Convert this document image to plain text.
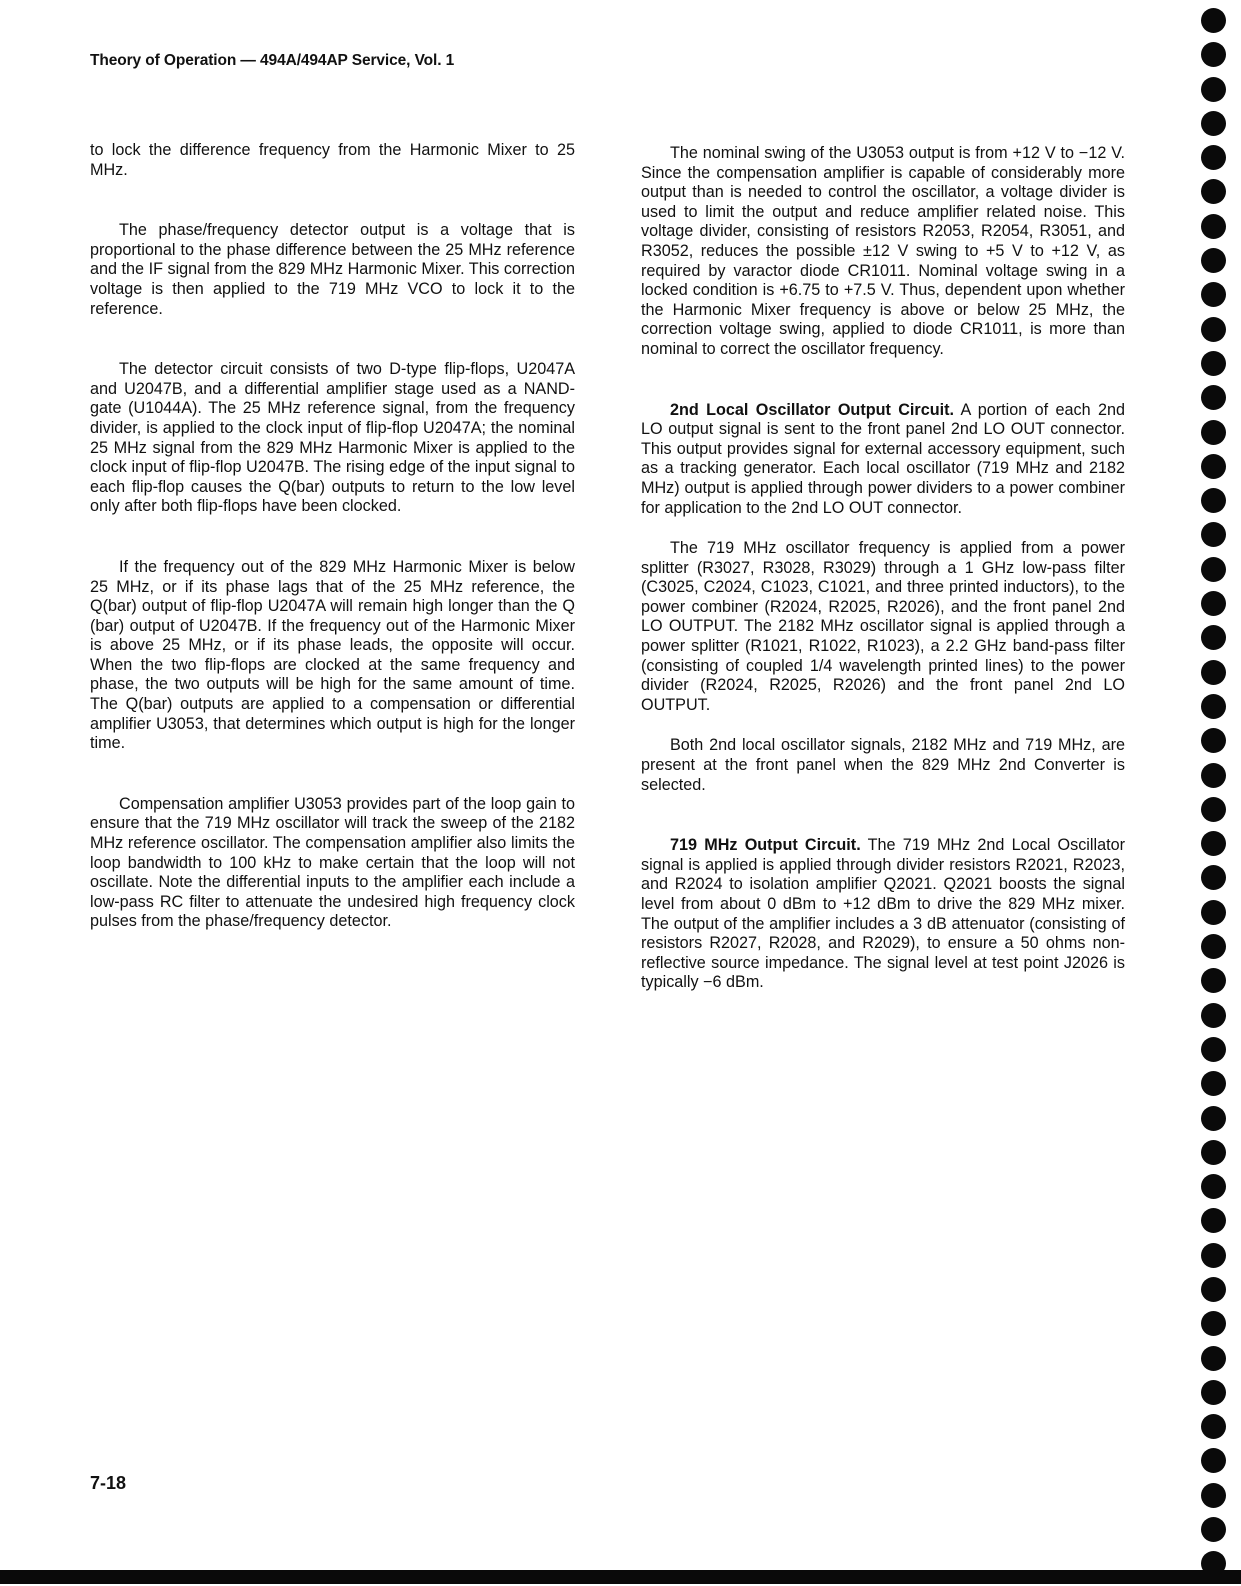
Theory of Operation — 494A/494AP Service, Vol. 1

to lock the difference frequency from the Harmonic Mixer to 25 MHz.

The phase/frequency detector output is a voltage that is proportional to the phase difference between the 25 MHz reference and the IF signal from the 829 MHz Harmonic Mixer. This correction voltage is then applied to the 719 MHz VCO to lock it to the reference.

The detector circuit consists of two D-type flip-flops, U2047A and U2047B, and a differential amplifier stage used as a NAND-gate (U1044A). The 25 MHz reference signal, from the frequency divider, is applied to the clock input of flip-flop U2047A; the nominal 25 MHz signal from the 829 MHz Harmonic Mixer is applied to the clock input of flip-flop U2047B. The rising edge of the input signal to each flip-flop causes the Q(bar) outputs to return to the low level only after both flip-flops have been clocked.

If the frequency out of the 829 MHz Harmonic Mixer is below 25 MHz, or if its phase lags that of the 25 MHz reference, the Q(bar) output of flip-flop U2047A will remain high longer than the Q (bar) output of U2047B. If the frequency out of the Harmonic Mixer is above 25 MHz, or if its phase leads, the opposite will occur. When the two flip-flops are clocked at the same frequency and phase, the two outputs will be high for the same amount of time. The Q(bar) outputs are applied to a compensation or differential amplifier U3053, that determines which output is high for the longer time.

Compensation amplifier U3053 provides part of the loop gain to ensure that the 719 MHz oscillator will track the sweep of the 2182 MHz reference oscillator. The compensation amplifier also limits the loop bandwidth to 100 kHz to make certain that the loop will not oscillate. Note the differential inputs to the amplifier each include a low-pass RC filter to attenuate the undesired high frequency clock pulses from the phase/frequency detector.

The nominal swing of the U3053 output is from +12 V to −12 V. Since the compensation amplifier is capable of considerably more output than is needed to control the oscillator, a voltage divider is used to limit the output and reduce amplifier related noise. This voltage divider, consisting of resistors R2053, R2054, R3051, and R3052, reduces the possible ±12 V swing to +5 V to +12 V, as required by varactor diode CR1011. Nominal voltage swing in a locked condition is +6.75 to +7.5 V. Thus, dependent upon whether the Harmonic Mixer frequency is above or below 25 MHz, the correction voltage swing, applied to diode CR1011, is more than nominal to correct the oscillator frequency.

2nd Local Oscillator Output Circuit. A portion of each 2nd LO output signal is sent to the front panel 2nd LO OUT connector. This output provides signal for external accessory equipment, such as a tracking generator. Each local oscillator (719 MHz and 2182 MHz) output is applied through power dividers to a power combiner for application to the 2nd LO OUT connector.

The 719 MHz oscillator frequency is applied from a power splitter (R3027, R3028, R3029) through a 1 GHz low-pass filter (C3025, C2024, C1023, C1021, and three printed inductors), to the power combiner (R2024, R2025, R2026), and the front panel 2nd LO OUTPUT. The 2182 MHz oscillator signal is applied through a power splitter (R1021, R1022, R1023), a 2.2 GHz band-pass filter (consisting of coupled 1/4 wavelength printed lines) to the power divider (R2024, R2025, R2026) and the front panel 2nd LO OUTPUT.

Both 2nd local oscillator signals, 2182 MHz and 719 MHz, are present at the front panel when the 829 MHz 2nd Converter is selected.

719 MHz Output Circuit. The 719 MHz 2nd Local Oscillator signal is applied is applied through divider resistors R2021, R2023, and R2024 to isolation amplifier Q2021. Q2021 boosts the signal level from about 0 dBm to +12 dBm to drive the 829 MHz mixer. The output of the amplifier includes a 3 dB attenuator (consisting of resistors R2027, R2028, and R2029), to ensure a 50 ohms non-reflective source impedance. The signal level at test point J2026 is typically −6 dBm.

7-18
